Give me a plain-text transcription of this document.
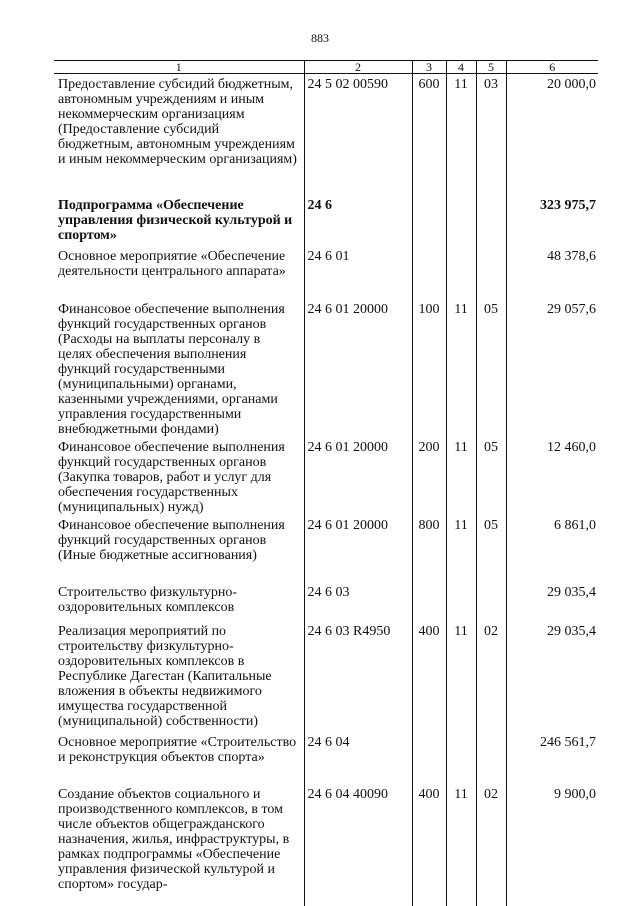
883
1	2	3	4	5	6
Предоставление субсидий бюджетным, автономным учреждениям и иным некоммерческим организациям (Предоставление субсидий бюджетным, автономным учреждениям и иным некоммерческим организациям)	24 5 02 00590	600	11	03	20 000,0
Подпрограмма «Обеспечение управления физической культурой и спортом»	24 6				323 975,7
Основное мероприятие «Обеспечение деятельности центрального аппарата»	24 6 01				48 378,6
Финансовое обеспечение выполнения функций государственных органов (Расходы на выплаты персоналу в целях обеспечения выполнения функций государственными (муниципальными) органами, казенными учреждениями, органами управления государственными внебюджетными фондами)	24 6 01 20000	100	11	05	29 057,6
Финансовое обеспечение выполнения функций государственных органов (Закупка товаров, работ и услуг для обеспечения государственных (муниципальных) нужд)	24 6 01 20000	200	11	05	12 460,0
Финансовое обеспечение выполнения функций государственных органов (Иные бюджетные ассигнования)	24 6 01 20000	800	11	05	6 861,0
Строительство физкультурно-оздоровительных комплексов	24 6 03				29 035,4
Реализация мероприятий по строительству физкультурно-оздоровительных комплексов в Республике Дагестан (Капитальные вложения в объекты недвижимого имущества государственной (муниципальной) собственности)	24 6 03 R4950	400	11	02	29 035,4
Основное мероприятие «Строительство и реконструкция объектов спорта»	24 6 04				246 561,7
Создание объектов социального и производственного комплексов, в том числе объектов общегражданского назначения, жилья, инфраструктуры, в рамках подпрограммы «Обеспечение управления физической культурой и спортом» государ-	24 6 04 40090	400	11	02	9 900,0
